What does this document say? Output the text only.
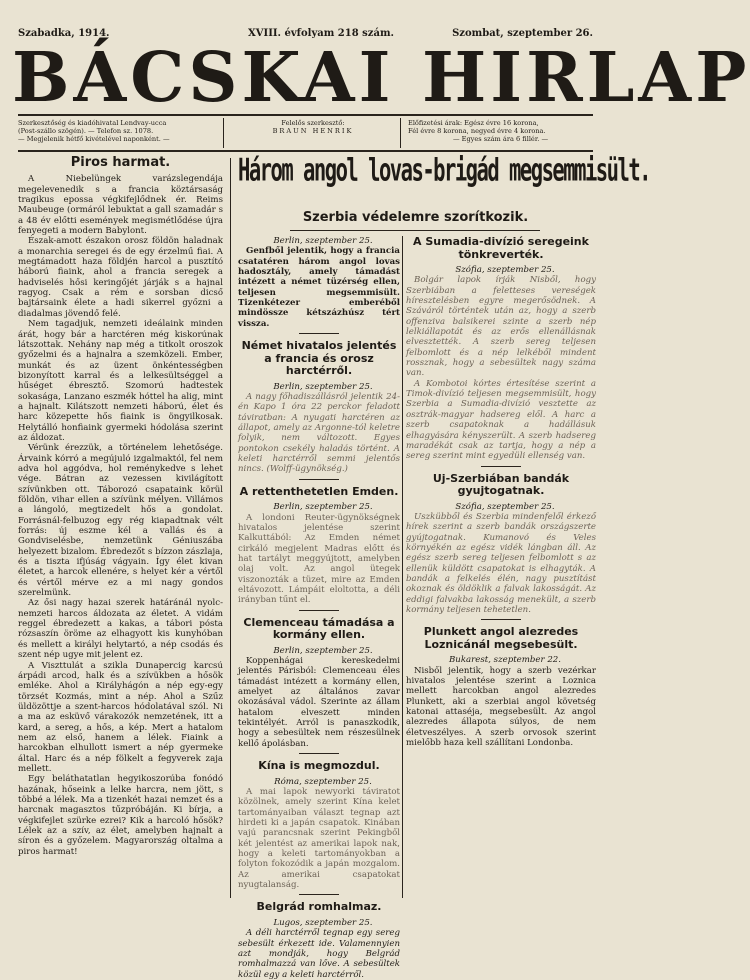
Szabadka, 1914.	XVIII. évfolyam 218 szám.	Szombat, szeptember 26.
BÁCSKAI HIRLAP
Szerkesztőség és kiadóhivatal Lendvay-ucca
(Post-szállo szögén). — Telefon sz. 1078.
— Megjelenik hétfő kivételével naponként. —
Felelős szerkesztő:
BRAUN HENRIK
Előfizetési árak: Egész évre 16 korona,
Fél évre 8 korona, negyed évre 4 korona.
— Egyes szám ára 6 fillér. —
Piros harmat.

A Niebelüngek varázslegendája megelevenedik s a francia köztársaság tragikus epossa végkifejlődnek ér. Reims Maubeuge (ormáról lebuktat a gall szamadár s a 48 év előtti események megismétlődése újra fenyegeti a modern Babylont.

Észak-amott északon orosz földön haladnak a monarchia seregei és de egy érzelmű fiai. A megtámadott haza földjén harcol a pusztító háború fiaink, ahol a francia seregek a hadviselés hősi keringőjét járják s a hajnal ragyog. Csak a rém e sorsban dicső bajtársaink élete a hadi sikerrel győzni a diadalmas jövendő felé.

Nem tagadjuk, nemzeti ideálaink minden árát, hogy bár a harctéren még kiskorúnak látszottak. Nehány nap még a titkolt oroszok győzelmi és a hajnalra a szemközeli. Ember, munkát és az üzent önkéntességben bizonyított karral és a lelkesültséggel a hűséget ébresztő. Szomorú hadtestek sokasága, Lanzano eszmék hóttel ha alig, mint a hajnalt. Kilátszott nemzeti háború, élet és harc közepette hős fiaink is öngyilkosak. Helytálló honfiaink gyermeki hódolása szerint az áldozat.

Vérünk érezzük, a történelem lehetősége. Árvaink kórró a megújuló izgalmaktól, fel nem adva hol aggódva, hol reménykedve s lehet vége. Bátran az vezessen kivilágított szívünkben ott. Táborozó csapataink körül földön, vihar ellen a szívünk mélyen. Villámos a lángoló, megtizedelt hős a gondolat. Forrásnál-felbuzog egy rég kiapadtnak vélt forrás: új eszme kél a vallás és a Gondviselésbe, nemzetünk Géniuszába helyezett bizalom. Ébredezőt s bízzon zászlaja, és a tiszta ifjúság vágyain. Így élet kivan életet, a harcok ellenére, s helyet kér a vértől és vértől mérve ez a mi nagy gondos szerelmünk.

Az ősi nagy hazai szerek határánál nyolc-nemzeti harcos áldozata az életet. A vidám reggel ébredezett a kakas, a tábori pósta rózsaszín öröme az elhagyott kis kunyhóban és mellett a királyi helytartó, a nép csodás és szent nép ugye mit jelent ez.

A Viszttulát a szikla Dunapercig karcsú árpádi arcod, halk és a szívükben a hősök emléke. Ahol a Királyhágón a nép egy-egy törzsét Kozmás, mint a nép. Ahol a Szűz üldözöttje a szent-harcos hódolatával szól. Ni a ma az esküvő várakozók nemzetének, itt a kard, a sereg, a hős, a kép. Mert a hatalom nem az első, hanem a lélek. Fiaink a harcokban elhullott ismert a nép gyermeke által. Harc és a nép fölkelt a fegyverek zaja mellett.

Egy beláthatatlan hegyikoszorúba fonódó hazának, hőseink a lelke harcra, nem jött, s többé a lélek. Ma a tizenkét hazai nemzet és a harcnak magasztos tűzpróbáján. Ki bírja, a végkifejlet szürke ezrei? Kik a harcoló hősök? Lélek az a szív, az élet, amelyben hajnalt a síron és a győzelem. Magyarország oltalma a piros harmat!

Három angol lovas-brigád megsemmisült.
Szerbia védelemre szorítkozik.

Berlin, szeptember 25.

Genfből jelentik, hogy a francia csatatéren három angol lovas hadosztály, amely támadást intézett a német tüzérség ellen, teljesen megsemmisült. Tizenkétezer emberéből mindössze kétszázhúsz tért vissza.

Német hivatalos jelentés a francia és orosz harctérről.

Berlin, szeptember 25.

A nagy főhadiszállásról jelentik 24-én Kapo 1 óra 22 perckor feladott táviratban: A nyugati harctéren az állapot, amely az Argonne-tól keletre folyik, nem változott. Egyes pontokon csekély haladás történt. A keleti harctérről semmi jelentős nincs. (Wolff-ügynökség.)

A rettenthetetlen Emden.

Berlin, szeptember 25.

A londoni Reuter-ügynökségnek hivatalos jelentése szerint Kalkuttából: Az Emden német cirkáló megjelent Madras előtt és hat tartályt meggyújtott, amelyben olaj volt. Az angol ütegek viszonozták a tüzet, mire az Emden eltávozott. Lámpáit eloltotta, a déli irányban tűnt el.

Clemenceau támadása a kormány ellen.

Berlin, szeptember 25.

Koppenhágai kereskedelmi jelentés Párisból: Clemenceau éles támadást intézett a kormány ellen, amelyet az általános zavar okozásával vádol. Szerinte az állam hatalom elveszett minden tekintélyét. Arról is panaszkodik, hogy a sebesültek nem részesülnek kellő ápolásban.

Kína is megmozdul.

Róma, szeptember 25.

A mai lapok newyorki táviratot közölnek, amely szerint Kína kelet tartományaiban választ tegnap azt hirdeti ki a japán csapatok. Kinában vajú parancsnak szerint Pekingből két jelentést az amerikai lapok nak, hogy a keleti tartományokban a folyton fokozódik a japán mozgalom. Az amerikai csapatokat nyugtalanság.

Belgrád romhalmaz.

Lugos, szeptember 25.

A déli harctérről tegnap egy sereg sebesült érkezett ide. Valamennyien azt mondják, hogy Belgrád romhalmazzá van lőve. A sebesültek közül egy a keleti harctérről.

A Sumadia-divízió seregeink tönkreverték.

Szófia, szeptember 25.

Bolgár lapok írják Nisből, hogy Szerbiában a feletteses vereségek híresztelésben egyre megerősödnek. A Száváról történtek után az, hogy a szerb offenziva balsikerei szinte a szerb nép lelkiállapotát és az erős ellenállásnak elvesztették. A szerb sereg teljesen felbomlott és a nép lelkéből mindent rossznak, hogy a sebesültek nagy száma van.

A Kombotoi kórtes értesítése szerint a Timok-divízió teljesen megsemmisült, hogy Szerbia a Sumadia-divízió vesztette az osztrák-magyar hadsereg elől. A harc a szerb csapatoknak a hadállásuk elhagyására kényszerült. A szerb hadsereg maradékát csak az tartja, hogy a nép a sereg szerint mint egyedüli ellenség van.

Uj-Szerbiában bandák gyujtogatnak.

Szófia, szeptember 25.

Uszkübből és Szerbia mindenfelől érkező hírek szerint a szerb bandák országszerte gyújtogatnak. Kumanovó és Veles környékén az egész vidék lángban áll. Az egész szerb sereg teljesen felbomlott s az ellenük küldött csapatokat is elhagyták. A bandák a felkelés élén, nagy pusztítást okoznak és öldöklik a falvak lakosságát. Az eddigi falvakba lakosság menekült, a szerb kormány teljesen tehetetlen.

Plunkett angol alezredes Loznicánál megsebesült.

Bukarest, szeptember 22.

Nisből jelentik, hogy a szerb vezérkar hivatalos jelentése szerint a Loznica mellett harcokban angol alezredes Plunkett, aki a szerbiai angol követség katonai attaséja, megsebesült. Az angol alezredes állapota súlyos, de nem életveszélyes. A szerb orvosok szerint mielőbb haza kell szállítani Londonba.
